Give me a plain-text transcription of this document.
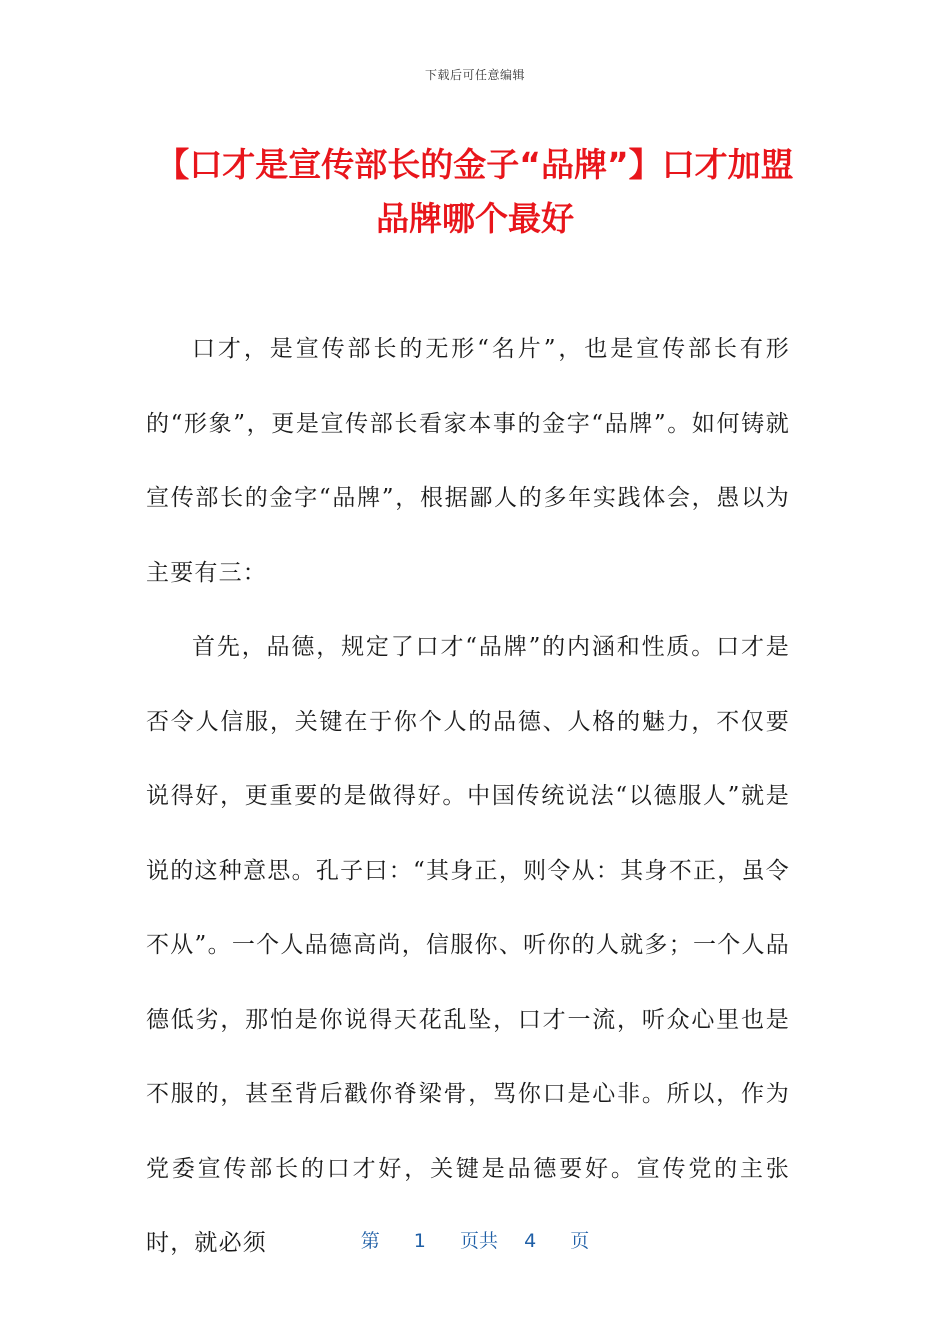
下载后可任意编辑
【口才是宣传部长的金子“品牌”】口才加盟品牌哪个最好

口才，是宣传部长的无形“名片”，也是宣传部长有形的“形象”，更是宣传部长看家本事的金字“品牌”。如何铸就宣传部长的金字“品牌”，根据鄙人的多年实践体会，愚以为主要有三：

首先，品德，规定了口才“品牌”的内涵和性质。口才是否令人信服，关键在于你个人的品德、人格的魅力，不仅要说得好，更重要的是做得好。中国传统说法“以德服人”就是说的这种意思。孔子曰：“其身正，则令从：其身不正，虽令不从”。一个人品德高尚，信服你、听你的人就多；一个人品德低劣，那怕是你说得天花乱坠，口才一流，听众心里也是不服的，甚至背后戳你脊梁骨，骂你口是心非。所以，作为党委宣传部长的口才好，关键是品德要好。宣传党的主张时，就必须	第 1 页共 4 页
